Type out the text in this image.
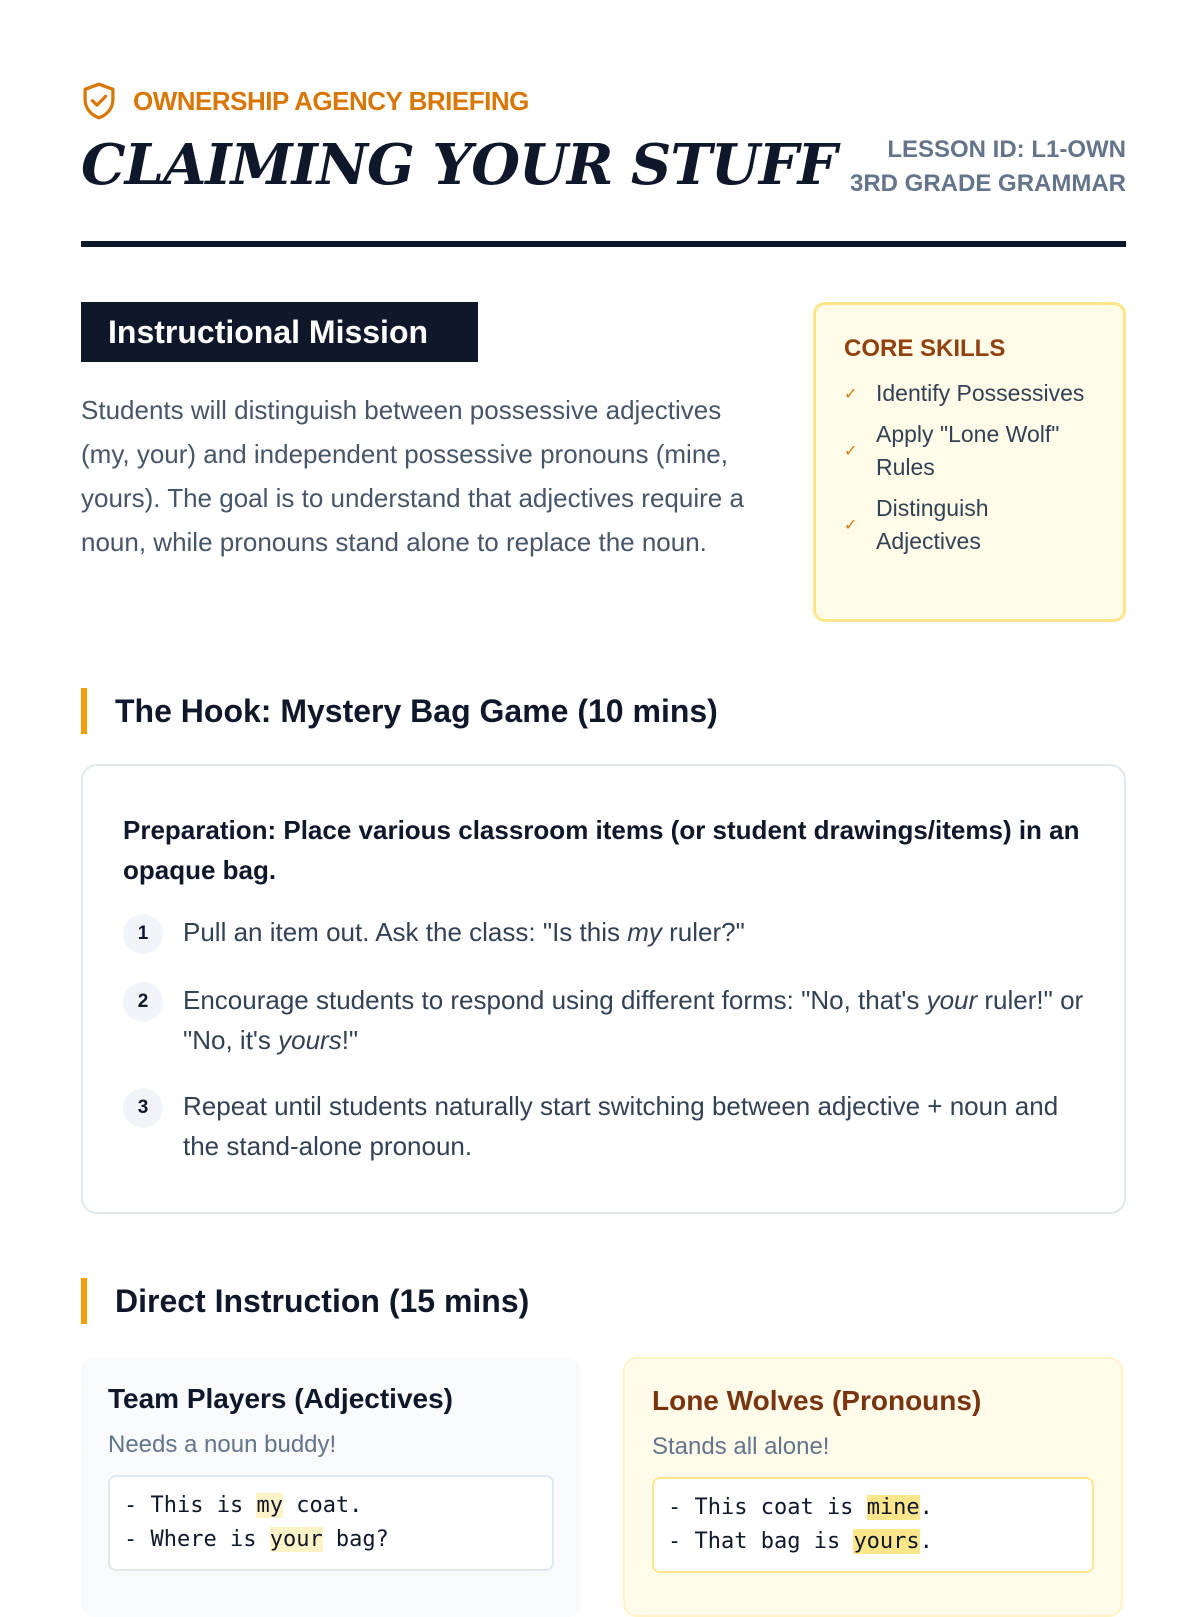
OWNERSHIP AGENCY BRIEFING
CLAIMING YOUR STUFF	LESSON ID: L1-OWN
3RD GRADE GRAMMAR
Instructional Mission
Students will distinguish between possessive adjectives (my, your) and independent possessive pronouns (mine, yours). The goal is to understand that adjectives require a noun, while pronouns stand alone to replace the noun.
CORE SKILLS
✓ Identify Possessives
✓
Apply "Lone Wolf" Rules
✓
Distinguish Adjectives
The Hook: Mystery Bag Game (10 mins)
Preparation: Place various classroom items (or student drawings/items) in an opaque bag.
1	Pull an item out. Ask the class: "Is this my ruler?"
2	Encourage students to respond using different forms: "No, that's your ruler!" or "No, it's yours!"
3	Repeat until students naturally start switching between adjective + noun and the stand-alone pronoun.
Direct Instruction (15 mins)
Team Players (Adjectives)
Needs a noun buddy!
- This is my coat.
- Where is your bag?
Lone Wolves (Pronouns)
Stands all alone!
- This coat is mine.
- That bag is yours.
